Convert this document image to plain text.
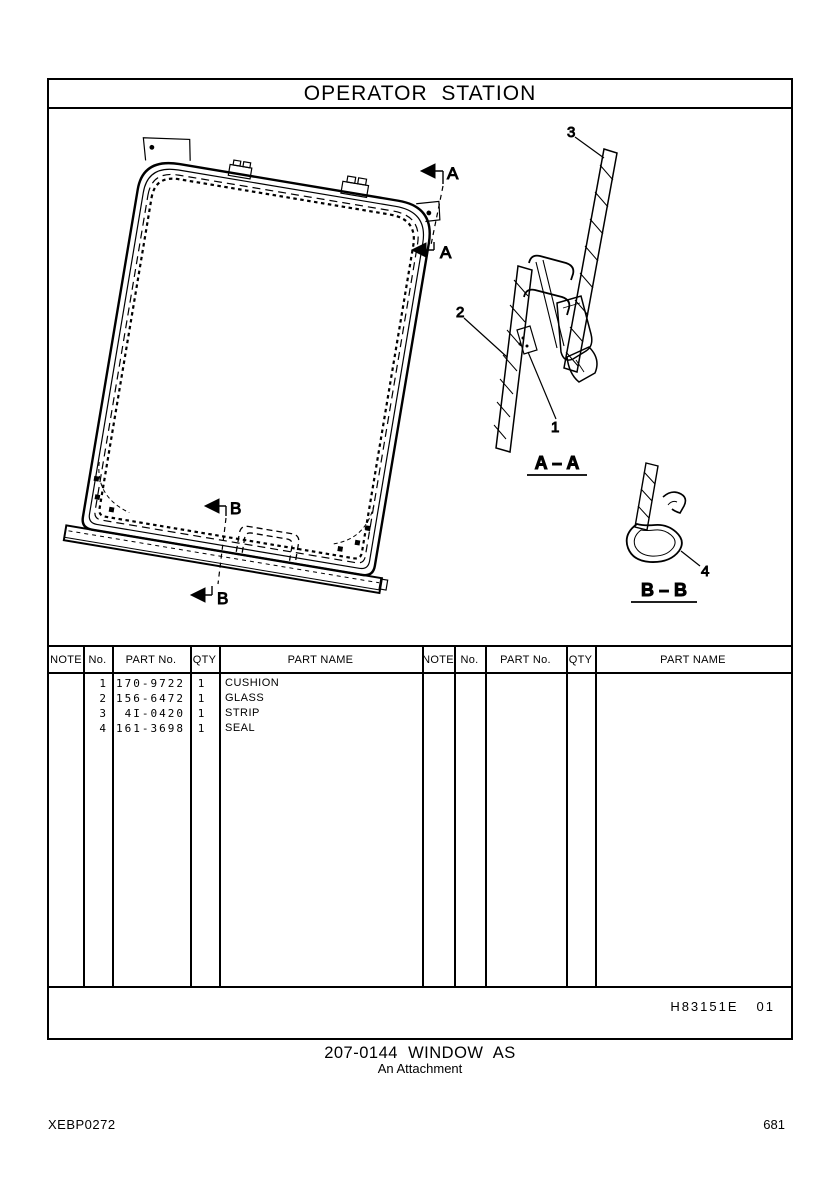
OPERATOR  STATION
A
A
B
B
3
2
1
A – A
4
B – B
NOTE No.	PART No.	QTY	PART NAME	NOTE No.	PART No.	QTY	PART NAME
1 170-9722	1	CUSHION
2 156-6472	1	GLASS
3	4I-0420	1	STRIP
4 161-3698	1	SEAL

H83151E 01

207-0144  WINDOW  AS
An Attachment
XEBP0272	681
